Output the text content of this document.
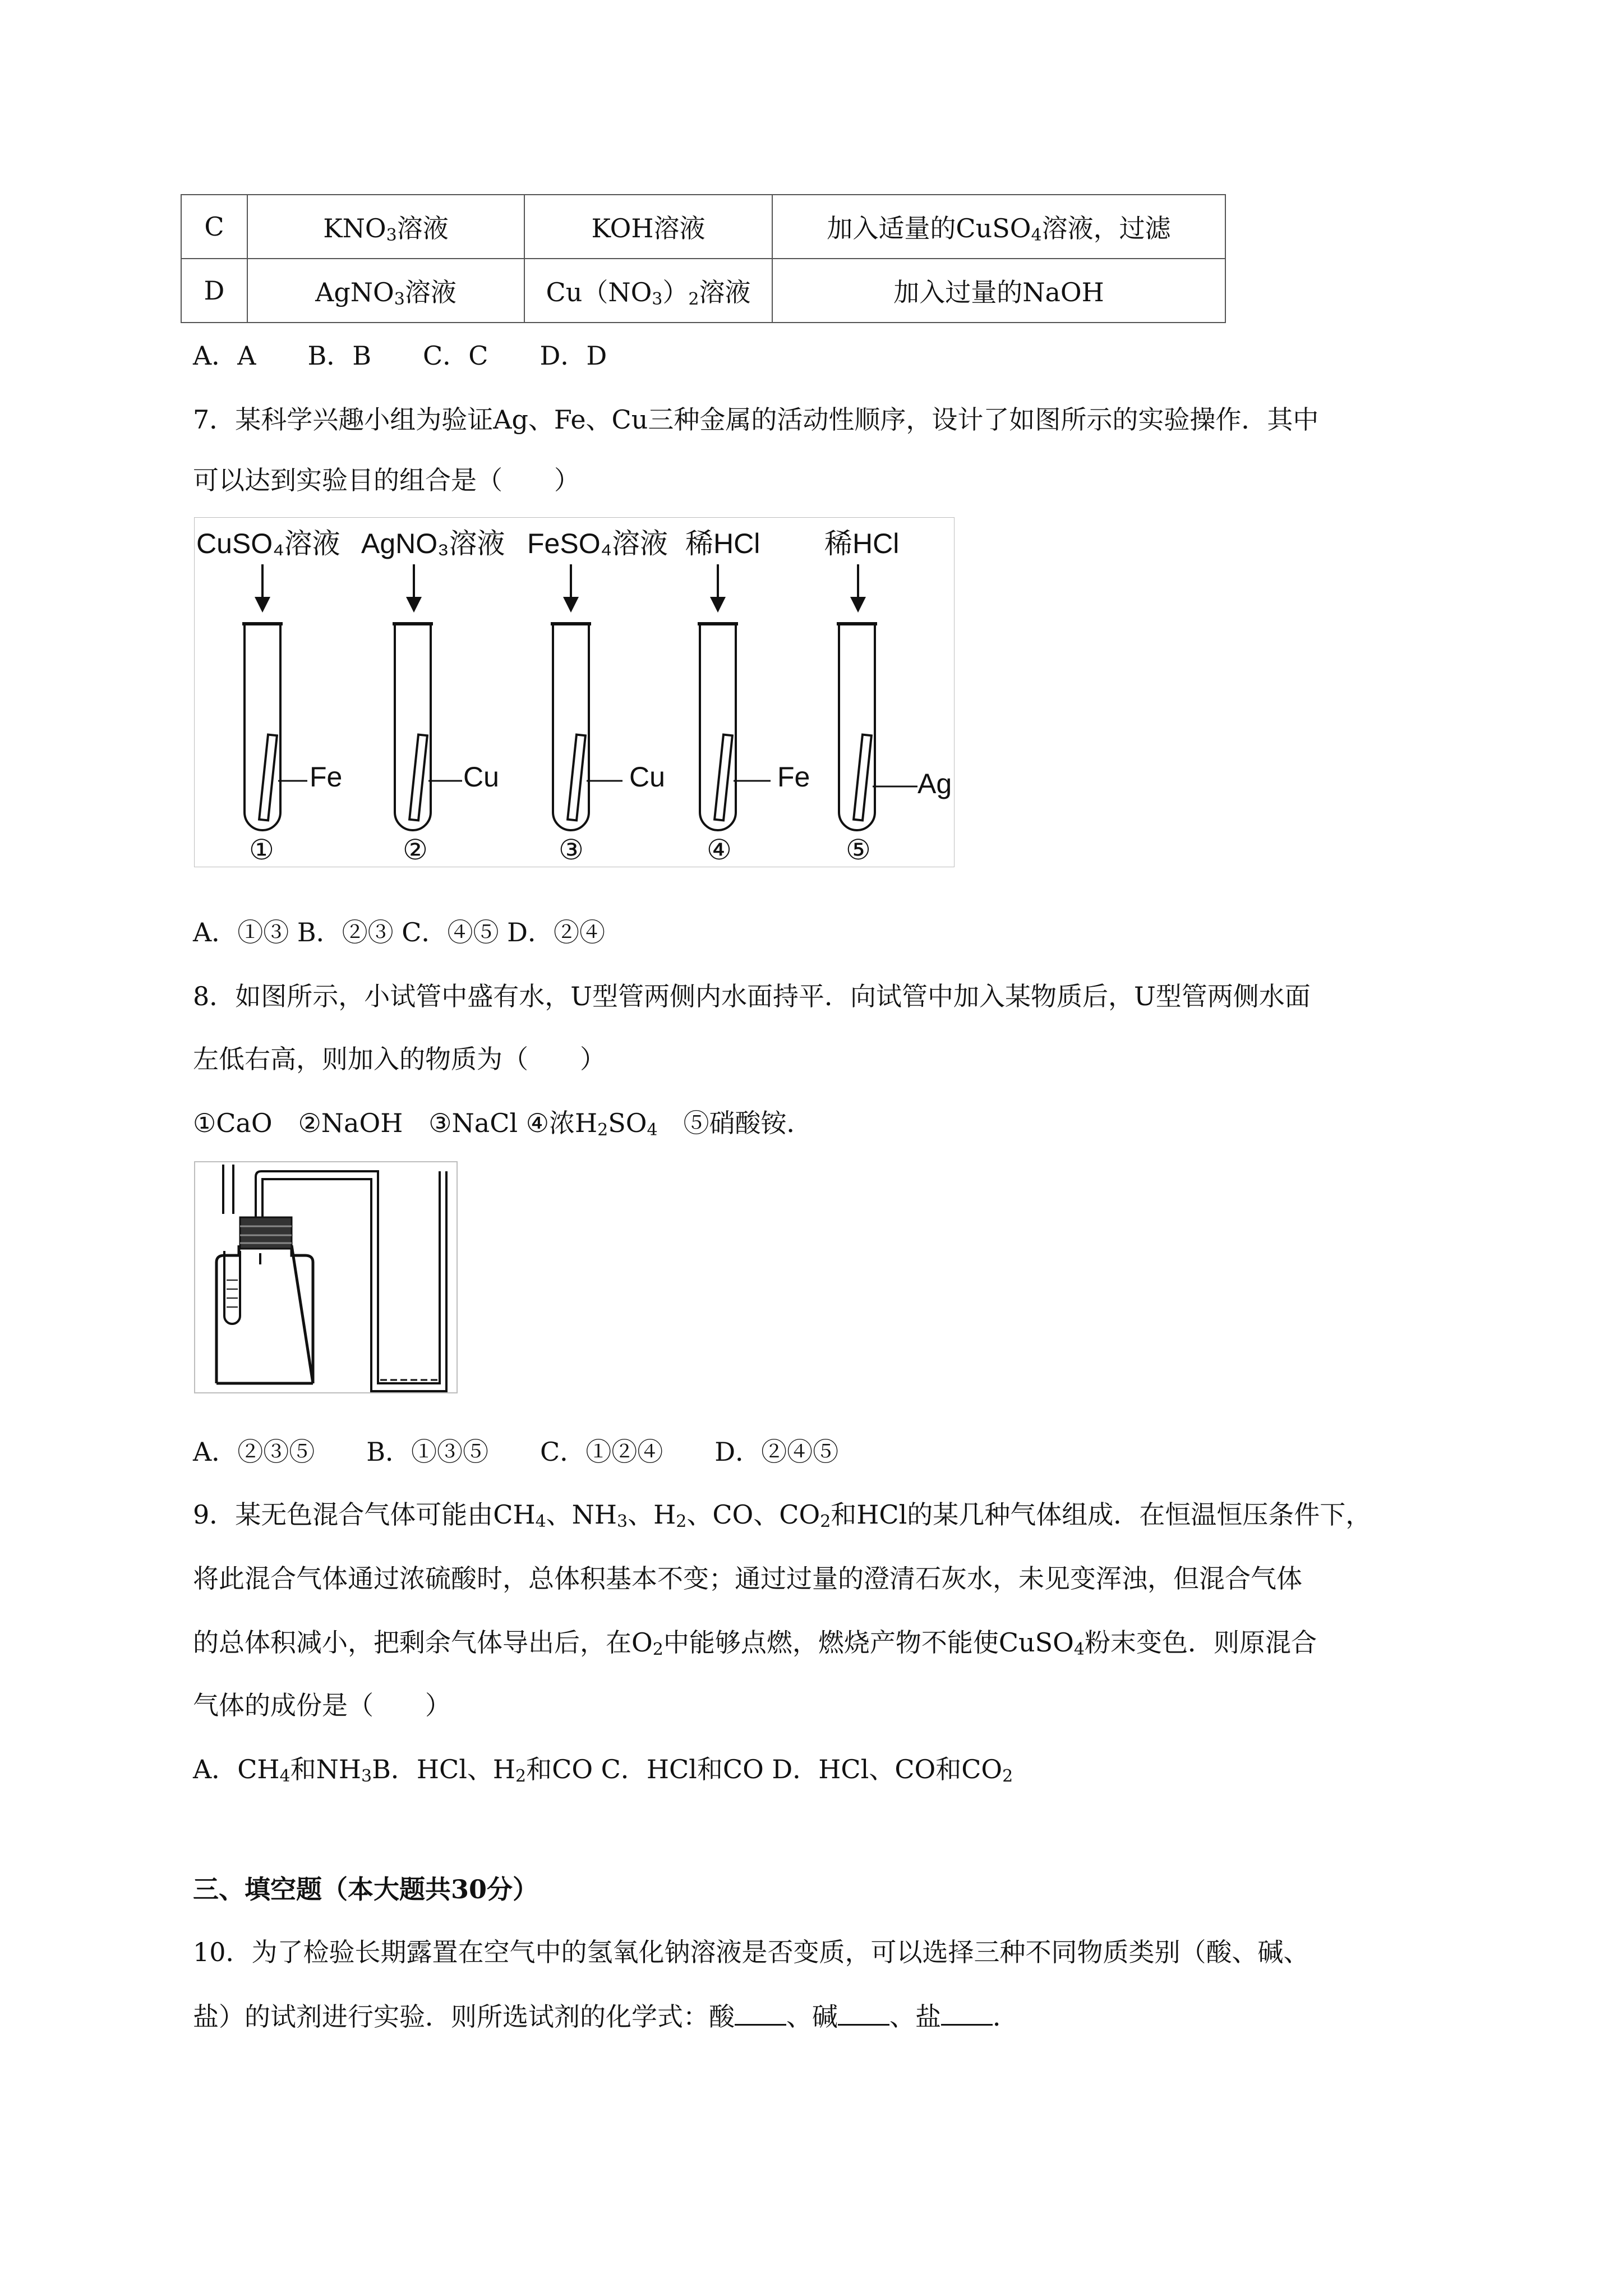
C	$KNO_3$溶液	KOH溶液	加入适量的CuSO$_4$溶液，过滤
D	AgNO$_3$溶液	$Cu(NO_3)_2$溶液	加入过量的NaOH
A．A　　B．B　　C．C　　D．D
7．某科学兴趣小组为验证Ag、Fe、Cu三种金属的活动性顺序，设计了如图所示的实验操作．其中
可以达到实验目的组合是（　　）
CuSO₄溶液
Fe
①
AgNO₃溶液
Cu
②
FeSO₄溶液
Cu
③
稀HCl
Fe
④
稀HCl
Ag
⑤
A．①③ B．②③ C．④⑤ D．②④
8．如图所示，小试管中盛有水，U型管两侧内水面持平．向试管中加入某物质后，U型管两侧水面
左低右高，则加入的物质为（　　）
①CaO　②NaOH　③NaCl ④浓$H_2SO_4$　⑤硝酸铵．
A．②③⑤　　B．①③⑤　　C．①②④　　D．②④⑤
9．某无色混合气体可能由$CH_4$、$NH_3$、$H_2$、CO、$CO_2$和HCl的某几种气体组成．在恒温恒压条件下，
将此混合气体通过浓硫酸时，总体积基本不变；通过过量的澄清石灰水，未见变浑浊，但混合气体
的总体积减小，把剩余气体导出后，在$O_2$中能够点燃，燃烧产物不能使CuSO$_4$粉末变色．则原混合
气体的成份是（　　）
A．$CH_4$和$NH_3B$．HCl、$H_2$和CO C．HCl和CO D．HCl、CO和$CO_2$
三、填空题（本大题共30分）
10．为了检验长期露置在空气中的氢氧化钠溶液是否变质，可以选择三种不同物质类别（酸、碱、
盐）的试剂进行实验．则所选试剂的化学式：酸 、碱 、盐 ．
